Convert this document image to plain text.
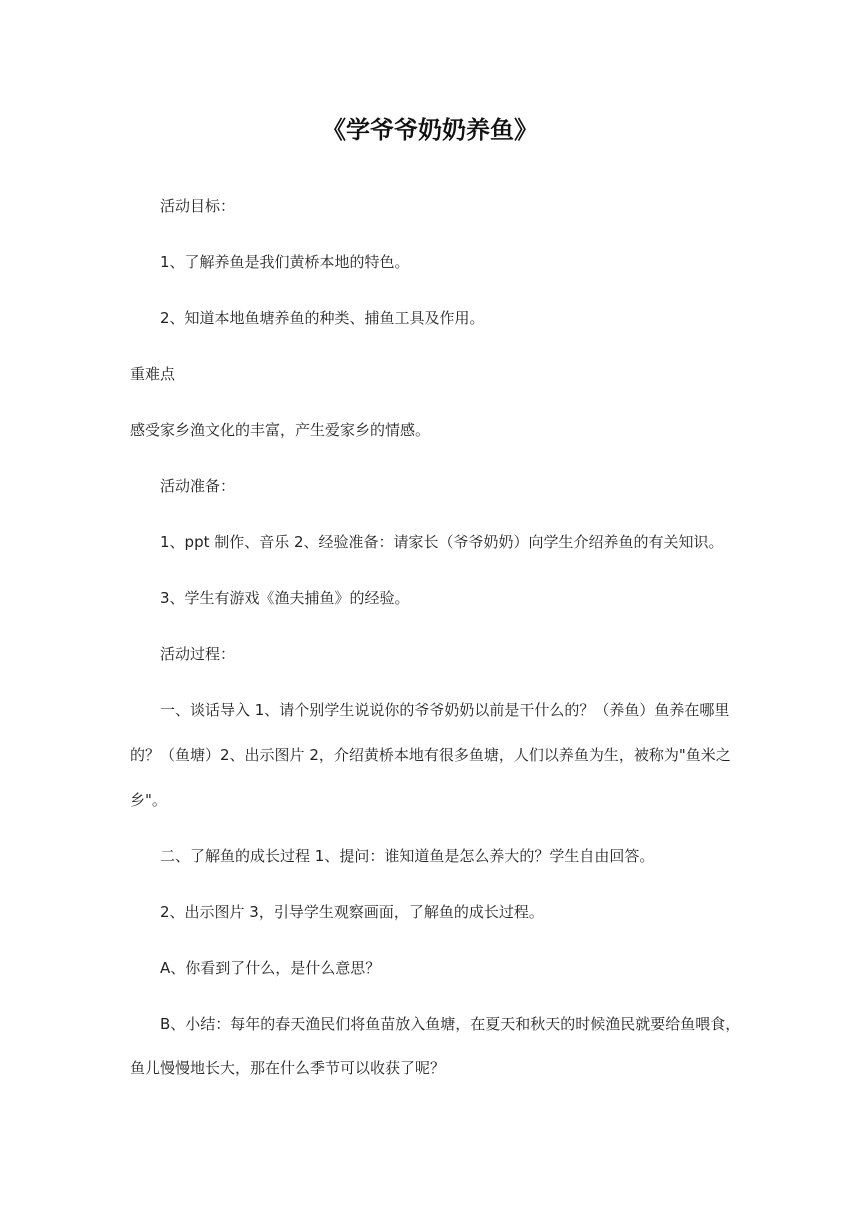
《学爷爷奶奶养鱼》
活动目标：
1、了解养鱼是我们黄桥本地的特色。
2、知道本地鱼塘养鱼的种类、捕鱼工具及作用。
重难点
感受家乡渔文化的丰富，产生爱家乡的情感。
活动准备：
1、ppt 制作、音乐 2、经验准备：请家长（爷爷奶奶）向学生介绍养鱼的有关知识。
3、学生有游戏《渔夫捕鱼》的经验。
活动过程：
一、谈话导入 1、请个别学生说说你的爷爷奶奶以前是干什么的？（养鱼）鱼养在哪里
的？（鱼塘）2、出示图片 2，介绍黄桥本地有很多鱼塘，人们以养鱼为生，被称为"鱼米之
乡"。
二、了解鱼的成长过程 1、提问：谁知道鱼是怎么养大的？学生自由回答。
2、出示图片 3，引导学生观察画面，了解鱼的成长过程。
A、你看到了什么，是什么意思？
B、小结：每年的春天渔民们将鱼苗放入鱼塘，在夏天和秋天的时候渔民就要给鱼喂食，
鱼儿慢慢地长大，那在什么季节可以收获了呢？
